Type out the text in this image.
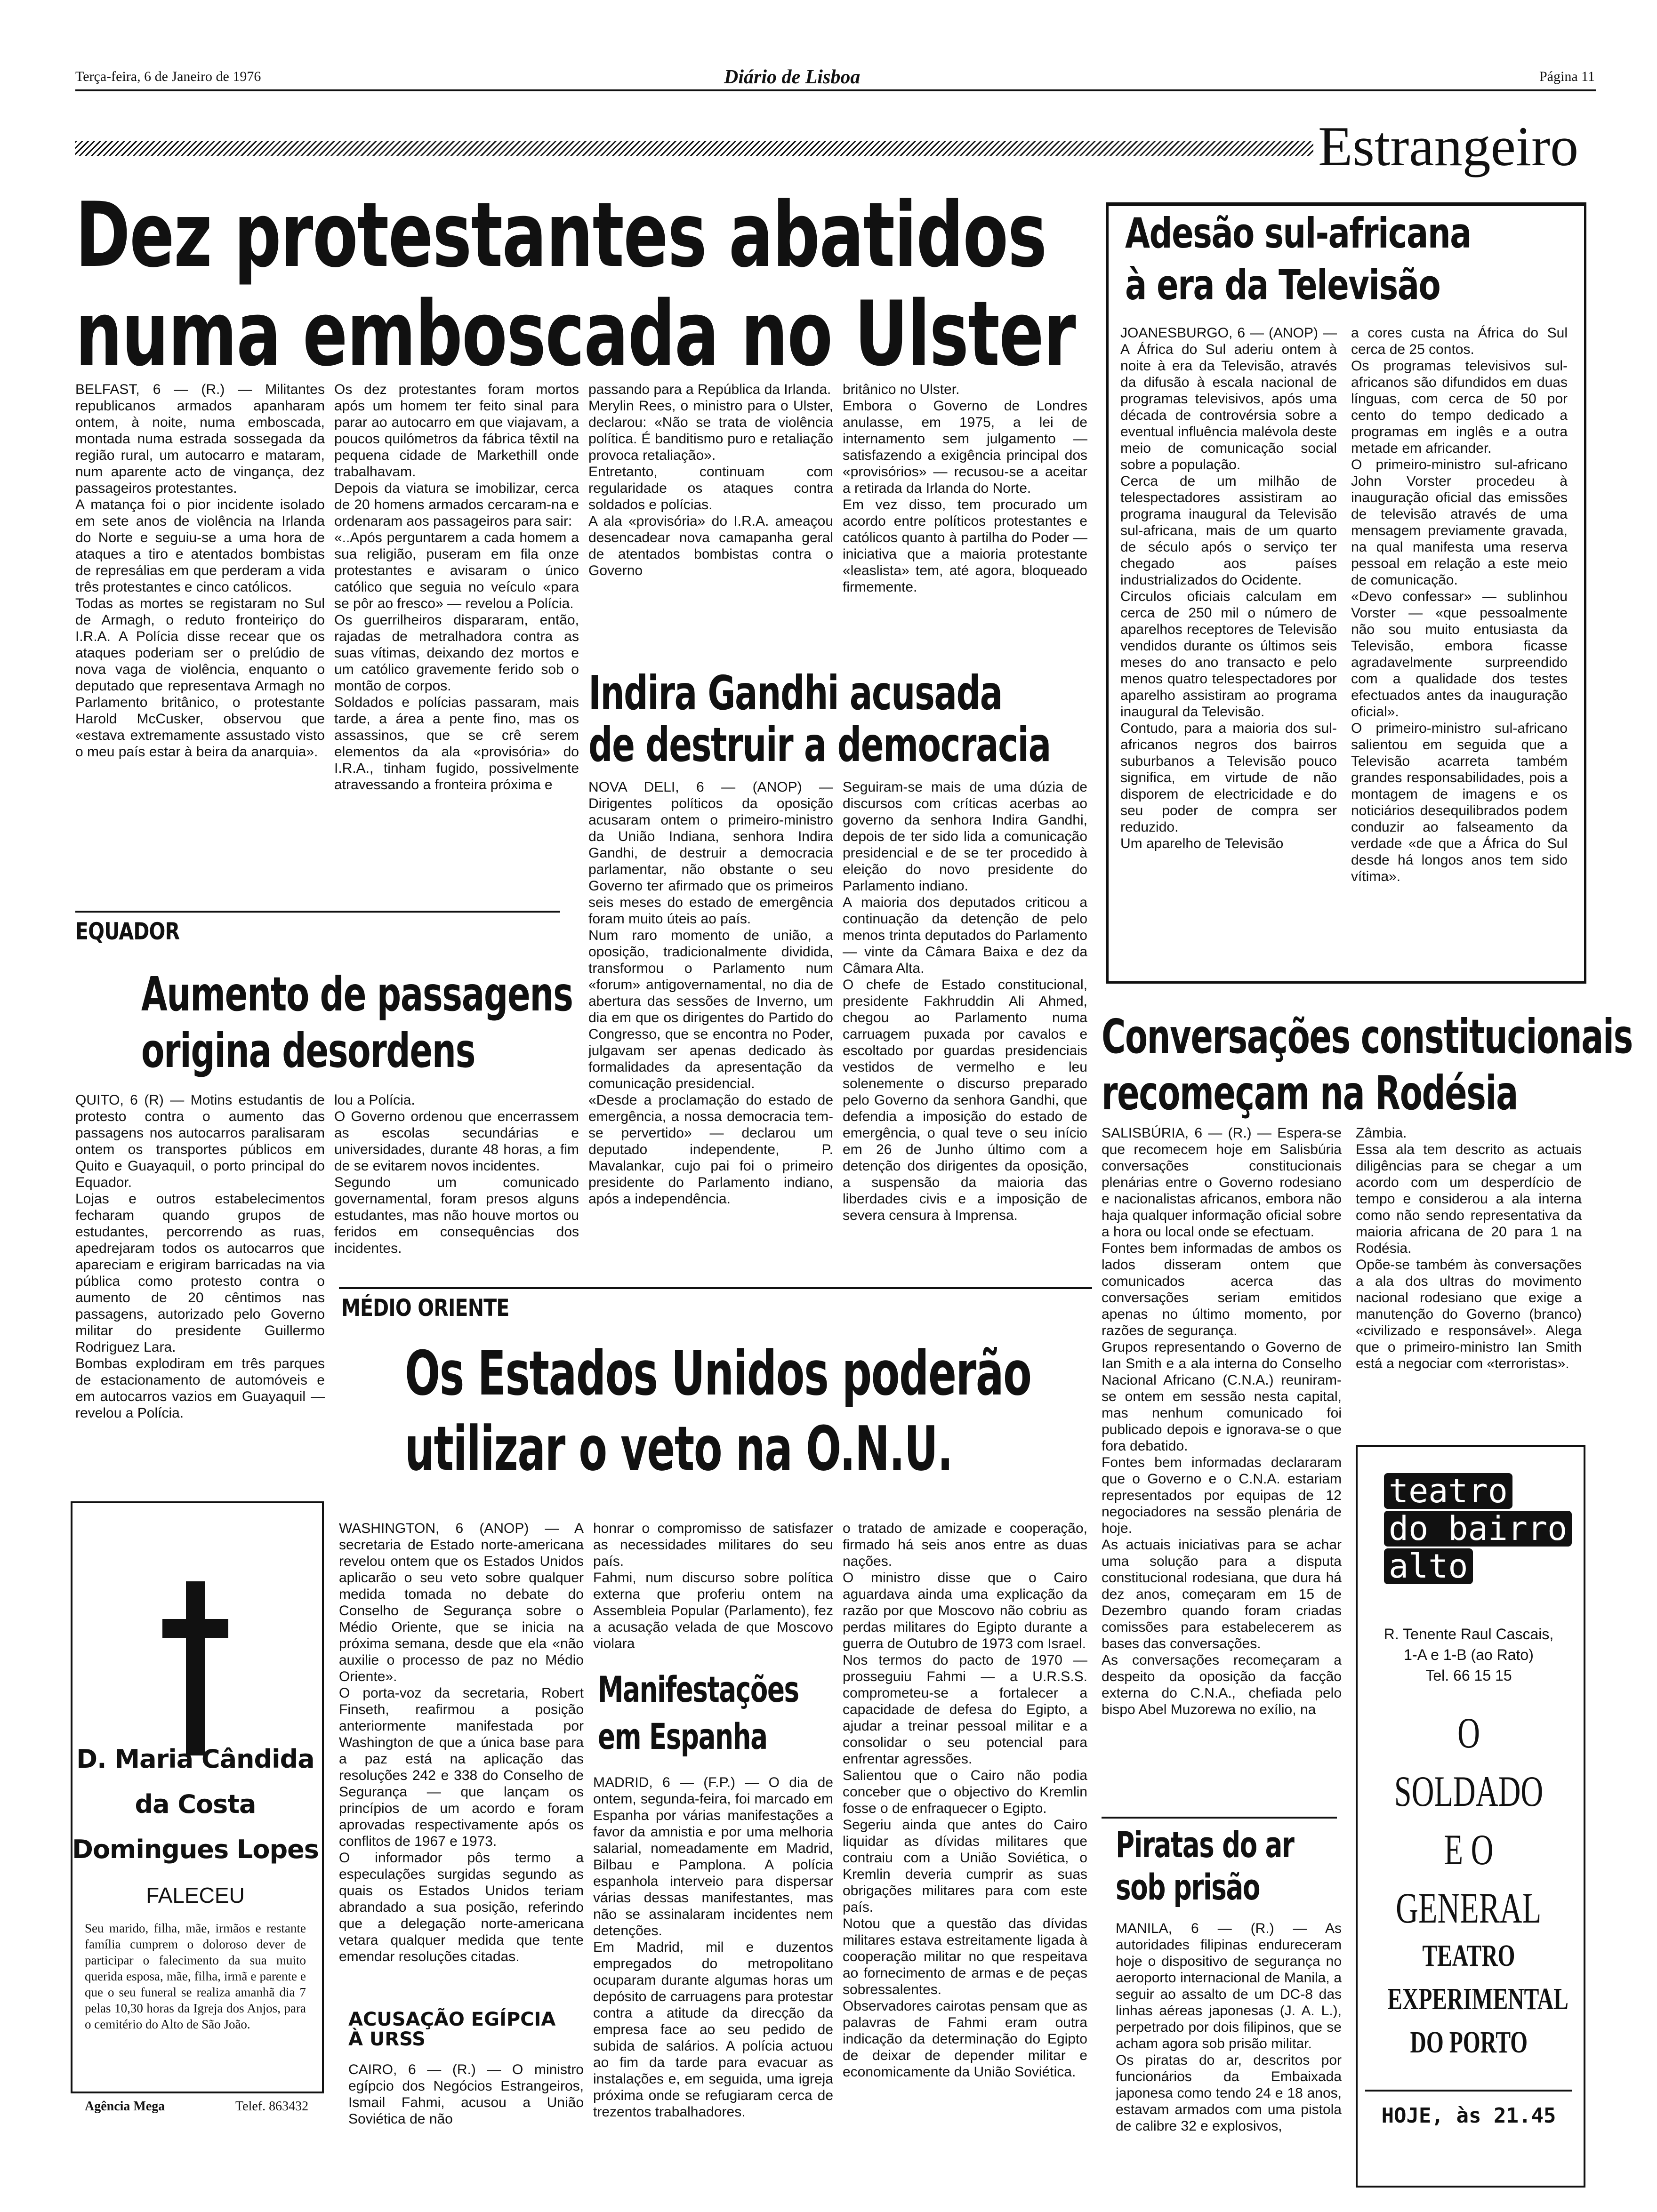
Terça-feira, 6 de Janeiro de 1976	Diário de Lisboa	Página 11
Estrangeiro
Dez protestantes abatidos
numa emboscada no Ulster
BELFAST, 6 — (R.) — Militantes republicanos armados apanharam ontem, à noite, numa emboscada, montada numa estrada sossegada da região rural, um autocarro e mataram, num aparente acto de vingança, dez passageiros protestantes.
A matança foi o pior incidente isolado em sete anos de violência na Irlanda do Norte e seguiu-se a uma hora de ataques a tiro e atentados bombistas de represálias em que perderam a vida três protestantes e cinco católicos.
Todas as mortes se registaram no Sul de Armagh, o reduto fronteiriço do I.R.A. A Polícia disse recear que os ataques poderiam ser o prelúdio de nova vaga de violência, enquanto o deputado que representava Armagh no Parlamento britânico, o protestante Harold McCusker, observou que «estava extremamente assustado visto o meu país estar à beira da anarquia».
Os dez protestantes foram mortos após um homem ter feito sinal para parar ao autocarro em que viajavam, a poucos quilómetros da fábrica têxtil na pequena cidade de Markethill onde trabalhavam.
Depois da viatura se imobilizar, cerca de 20 homens armados cercaram-na e ordenaram aos passageiros para sair:
«..Após perguntarem a cada homem a sua religião, puseram em fila onze protestantes e avisaram o único católico que seguia no veículo «para se pôr ao fresco» — revelou a Polícia.
Os guerrilheiros dispararam, então, rajadas de metralhadora contra as suas vítimas, deixando dez mortos e um católico gravemente ferido sob o montão de corpos.
Soldados e polícias passaram, mais tarde, a área a pente fino, mas os assassinos, que se crê serem elementos da ala «provisória» do I.R.A., tinham fugido, possivelmente atravessando a fronteira próxima e
passando para a República da Irlanda.
Merylin Rees, o ministro para o Ulster, declarou: «Não se trata de violência política. É banditismo puro e retaliação provoca retaliação».
Entretanto, continuam com regularidade os ataques contra soldados e polícias.
A ala «provisória» do I.R.A. ameaçou desencadear nova camapanha geral de atentados bombistas contra o Governo
britânico no Ulster.
Embora o Governo de Londres anulasse, em 1975, a lei de internamento sem julgamento — satisfazendo a exigência principal dos «provisórios» — recusou-se a aceitar a retirada da Irlanda do Norte.
Em vez disso, tem procurado um acordo entre políticos protestantes e católicos quanto à partilha do Poder — iniciativa que a maioria protestante «leaslista» tem, até agora, bloqueado firmemente.
Adesão sul-africana
à era da Televisão
JOANESBURGO, 6 — (ANOP) — A África do Sul aderiu ontem à noite à era da Televisão, através da difusão à escala nacional de programas televisivos, após uma década de controvérsia sobre a eventual influência malévola deste meio de comunicação social sobre a população.
Cerca de um milhão de telespectadores assistiram ao programa inaugural da Televisão sul-africana, mais de um quarto de século após o serviço ter chegado aos países industrializados do Ocidente.
Circulos oficiais calculam em cerca de 250 mil o número de aparelhos receptores de Televisão vendidos durante os últimos seis meses do ano transacto e pelo menos quatro telespectadores por aparelho assistiram ao programa inaugural da Televisão.
Contudo, para a maioria dos sul-africanos negros dos bairros suburbanos a Televisão pouco significa, em virtude de não disporem de electricidade e do seu poder de compra ser reduzido.
Um aparelho de Televisão
a cores custa na África do Sul cerca de 25 contos.
Os programas televisivos sul-africanos são difundidos em duas línguas, com cerca de 50 por cento do tempo dedicado a programas em inglês e a outra metade em africander.
O primeiro-ministro sul-africano John Vorster procedeu à inauguração oficial das emissões de televisão através de uma mensagem previamente gravada, na qual manifesta uma reserva pessoal em relação a este meio de comunicação.
«Devo confessar» — sublinhou Vorster — «que pessoalmente não sou muito entusiasta da Televisão, embora ficasse agradavelmente surpreendido com a qualidade dos testes efectuados antes da inauguração oficial».
O primeiro-ministro sul-africano salientou em seguida que a Televisão acarreta também grandes responsabilidades, pois a montagem de imagens e os noticiários desequilibrados podem conduzir ao falseamento da verdade «de que a África do Sul desde há longos anos tem sido vítima».
Indira Gandhi acusada
de destruir a democracia
NOVA DELI, 6 — (ANOP) — Dirigentes políticos da oposição acusaram ontem o primeiro-ministro da União Indiana, senhora Indira Gandhi, de destruir a democracia parlamentar, não obstante o seu Governo ter afirmado que os primeiros seis meses do estado de emergência foram muito úteis ao país.
Num raro momento de união, a oposição, tradicionalmente dividida, transformou o Parlamento num «forum» antigovernamental, no dia de abertura das sessões de Inverno, um dia em que os dirigentes do Partido do Congresso, que se encontra no Poder, julgavam ser apenas dedicado às formalidades da apresentação da comunicação presidencial.
«Desde a proclamação do estado de emergência, a nossa democracia tem-se pervertido» — declarou um deputado independente, P. Mavalankar, cujo pai foi o primeiro presidente do Parlamento indiano, após a independência.
Seguiram-se mais de uma dúzia de discursos com críticas acerbas ao governo da senhora Indira Gandhi, depois de ter sido lida a comunicação presidencial e de se ter procedido à eleição do novo presidente do Parlamento indiano.
A maioria dos deputados criticou a continuação da detenção de pelo menos trinta deputados do Parlamento — vinte da Câmara Baixa e dez da Câmara Alta.
O chefe de Estado constitucional, presidente Fakhruddin Ali Ahmed, chegou ao Parlamento numa carruagem puxada por cavalos e escoltado por guardas presidenciais vestidos de vermelho e leu solenemente o discurso preparado pelo Governo da senhora Gandhi, que defendia a imposição do estado de emergência, o qual teve o seu início em 26 de Junho último com a detenção dos dirigentes da oposição, a suspensão da maioria das liberdades civis e a imposição de severa censura à Imprensa.
EQUADOR
Aumento de passagens
origina desordens
QUITO, 6 (R) — Motins estudantis de protesto contra o aumento das passagens nos autocarros paralisaram ontem os transportes públicos em Quito e Guayaquil, o porto principal do Equador.
Lojas e outros estabelecimentos fecharam quando grupos de estudantes, percorrendo as ruas, apedrejaram todos os autocarros que apareciam e erigiram barricadas na via pública como protesto contra o aumento de 20 cêntimos nas passagens, autorizado pelo Governo militar do presidente Guillermo Rodriguez Lara.
Bombas explodiram em três parques de estacionamento de automóveis e em autocarros vazios em Guayaquil — revelou a Polícia.
lou a Polícia.
O Governo ordenou que encerrassem as escolas secundárias e universidades, durante 48 horas, a fim de se evitarem novos incidentes.
Segundo um comunicado governamental, foram presos alguns estudantes, mas não houve mortos ou feridos em consequências dos incidentes.
Conversações constitucionais
recomeçam na Rodésia
SALISBÚRIA, 6 — (R.) — Espera-se que recomecem hoje em Salisbúria conversações constitucionais plenárias entre o Governo rodesiano e nacionalistas africanos, embora não haja qualquer informação oficial sobre a hora ou local onde se efectuam.
Fontes bem informadas de ambos os lados disseram ontem que comunicados acerca das conversações seriam emitidos apenas no último momento, por razões de segurança.
Grupos representando o Governo de Ian Smith e a ala interna do Conselho Nacional Africano (C.N.A.) reuniram-se ontem em sessão nesta capital, mas nenhum comunicado foi publicado depois e ignorava-se o que fora debatido.
Fontes bem informadas declararam que o Governo e o C.N.A. estariam representados por equipas de 12 negociadores na sessão plenária de hoje.
As actuais iniciativas para se achar uma solução para a disputa constitucional rodesiana, que dura há dez anos, começaram em 15 de Dezembro quando foram criadas comissões para estabelecerem as bases das conversações.
As conversações recomeçaram a despeito da oposição da facção externa do C.N.A., chefiada pelo bispo Abel Muzorewa no exílio, na
Zâmbia.
Essa ala tem descrito as actuais diligências para se chegar a um acordo com um desperdício de tempo e considerou a ala interna como não sendo representativa da maioria africana de 20 para 1 na Rodésia.
Opõe-se também às conversações a ala dos ultras do movimento nacional rodesiano que exige a manutenção do Governo (branco) «civilizado e responsável». Alega que o primeiro-ministro Ian Smith está a negociar com «terroristas».
MÉDIO ORIENTE
Os Estados Unidos poderão
utilizar o veto na O.N.U.
WASHINGTON, 6 (ANOP) — A secretaria de Estado norte-americana revelou ontem que os Estados Unidos aplicarão o seu veto sobre qualquer medida tomada no debate do Conselho de Segurança sobre o Médio Oriente, que se inicia na próxima semana, desde que ela «não auxilie o processo de paz no Médio Oriente».
O porta-voz da secretaria, Robert Finseth, reafirmou a posição anteriormente manifestada por Washington de que a única base para a paz está na aplicação das resoluções 242 e 338 do Conselho de Segurança — que lançam os princípios de um acordo e foram aprovadas respectivamente após os conflitos de 1967 e 1973.
O informador pôs termo a especulações surgidas segundo as quais os Estados Unidos teriam abrandado a sua posição, referindo que a delegação norte-americana vetara qualquer medida que tente emendar resoluções citadas.
honrar o compromisso de satisfazer as necessidades militares do seu país.
Fahmi, num discurso sobre política externa que proferiu ontem na Assembleia Popular (Parlamento), fez a acusação velada de que Moscovo violara
o tratado de amizade e cooperação, firmado há seis anos entre as duas nações.
O ministro disse que o Cairo aguardava ainda uma explicação da razão por que Moscovo não cobriu as perdas militares do Egipto durante a guerra de Outubro de 1973 com Israel.
Nos termos do pacto de 1970 — prosseguiu Fahmi — a U.R.S.S. comprometeu-se a fortalecer a capacidade de defesa do Egipto, a ajudar a treinar pessoal militar e a consolidar o seu potencial para enfrentar agressões.
Salientou que o Cairo não podia conceber que o objectivo do Kremlin fosse o de enfraquecer o Egipto.
Segeriu ainda que antes do Cairo liquidar as dívidas militares que contraiu com a União Soviética, o Kremlin deveria cumprir as suas obrigações militares para com este país.
Notou que a questão das dívidas militares estava estreitamente ligada à cooperação militar no que respeitava ao fornecimento de armas e de peças sobressalentes.
Observadores cairotas pensam que as palavras de Fahmi eram outra indicação da determinação do Egipto de deixar de depender militar e economicamente da União Soviética.
ACUSAÇÃO EGÍPCIA
À URSS
CAIRO, 6 — (R.) — O ministro egípcio dos Negócios Estrangeiros, Ismail Fahmi, acusou a União Soviética de não
Manifestações
em Espanha
MADRID, 6 — (F.P.) — O dia de ontem, segunda-feira, foi marcado em Espanha por várias manifestações a favor da amnistia e por uma melhoria salarial, nomeadamente em Madrid, Bilbau e Pamplona. A polícia espanhola interveio para dispersar várias dessas manifestantes, mas não se assinalaram incidentes nem detenções.
Em Madrid, mil e duzentos empregados do metropolitano ocuparam durante algumas horas um depósito de carruagens para protestar contra a atitude da direcção da empresa face ao seu pedido de subida de salários. A polícia actuou ao fim da tarde para evacuar as instalações e, em seguida, uma igreja próxima onde se refugiaram cerca de trezentos trabalhadores.
Piratas do ar
sob prisão
MANILA, 6 — (R.) — As autoridades filipinas endureceram hoje o dispositivo de segurança no aeroporto internacional de Manila, a seguir ao assalto de um DC-8 das linhas aéreas japonesas (J. A. L.), perpetrado por dois filipinos, que se acham agora sob prisão militar.
Os piratas do ar, descritos por funcionários da Embaixada japonesa como tendo 24 e 18 anos, estavam armados com uma pistola de calibre 32 e explosivos,
D. Maria Cândida
da Costa
Domingues Lopes
FALECEU
Seu marido, filha, mãe, irmãos e restante família cumprem o doloroso dever de participar o falecimento da sua muito querida esposa, mãe, filha, irmã e parente e que o seu funeral se realiza amanhã dia 7 pelas 10,30 horas da Igreja dos Anjos, para o cemitério do Alto de São João.
Agência Mega	Telef. 863432
teatro
do bairro
alto
R. Tenente Raul Cascais,
1-A e 1-B (ao Rato)
Tel. 66 15 15
O SOLDADO
E O
GENERAL
TEATRO
EXPERIMENTAL
DO PORTO
HOJE, às 21.45
